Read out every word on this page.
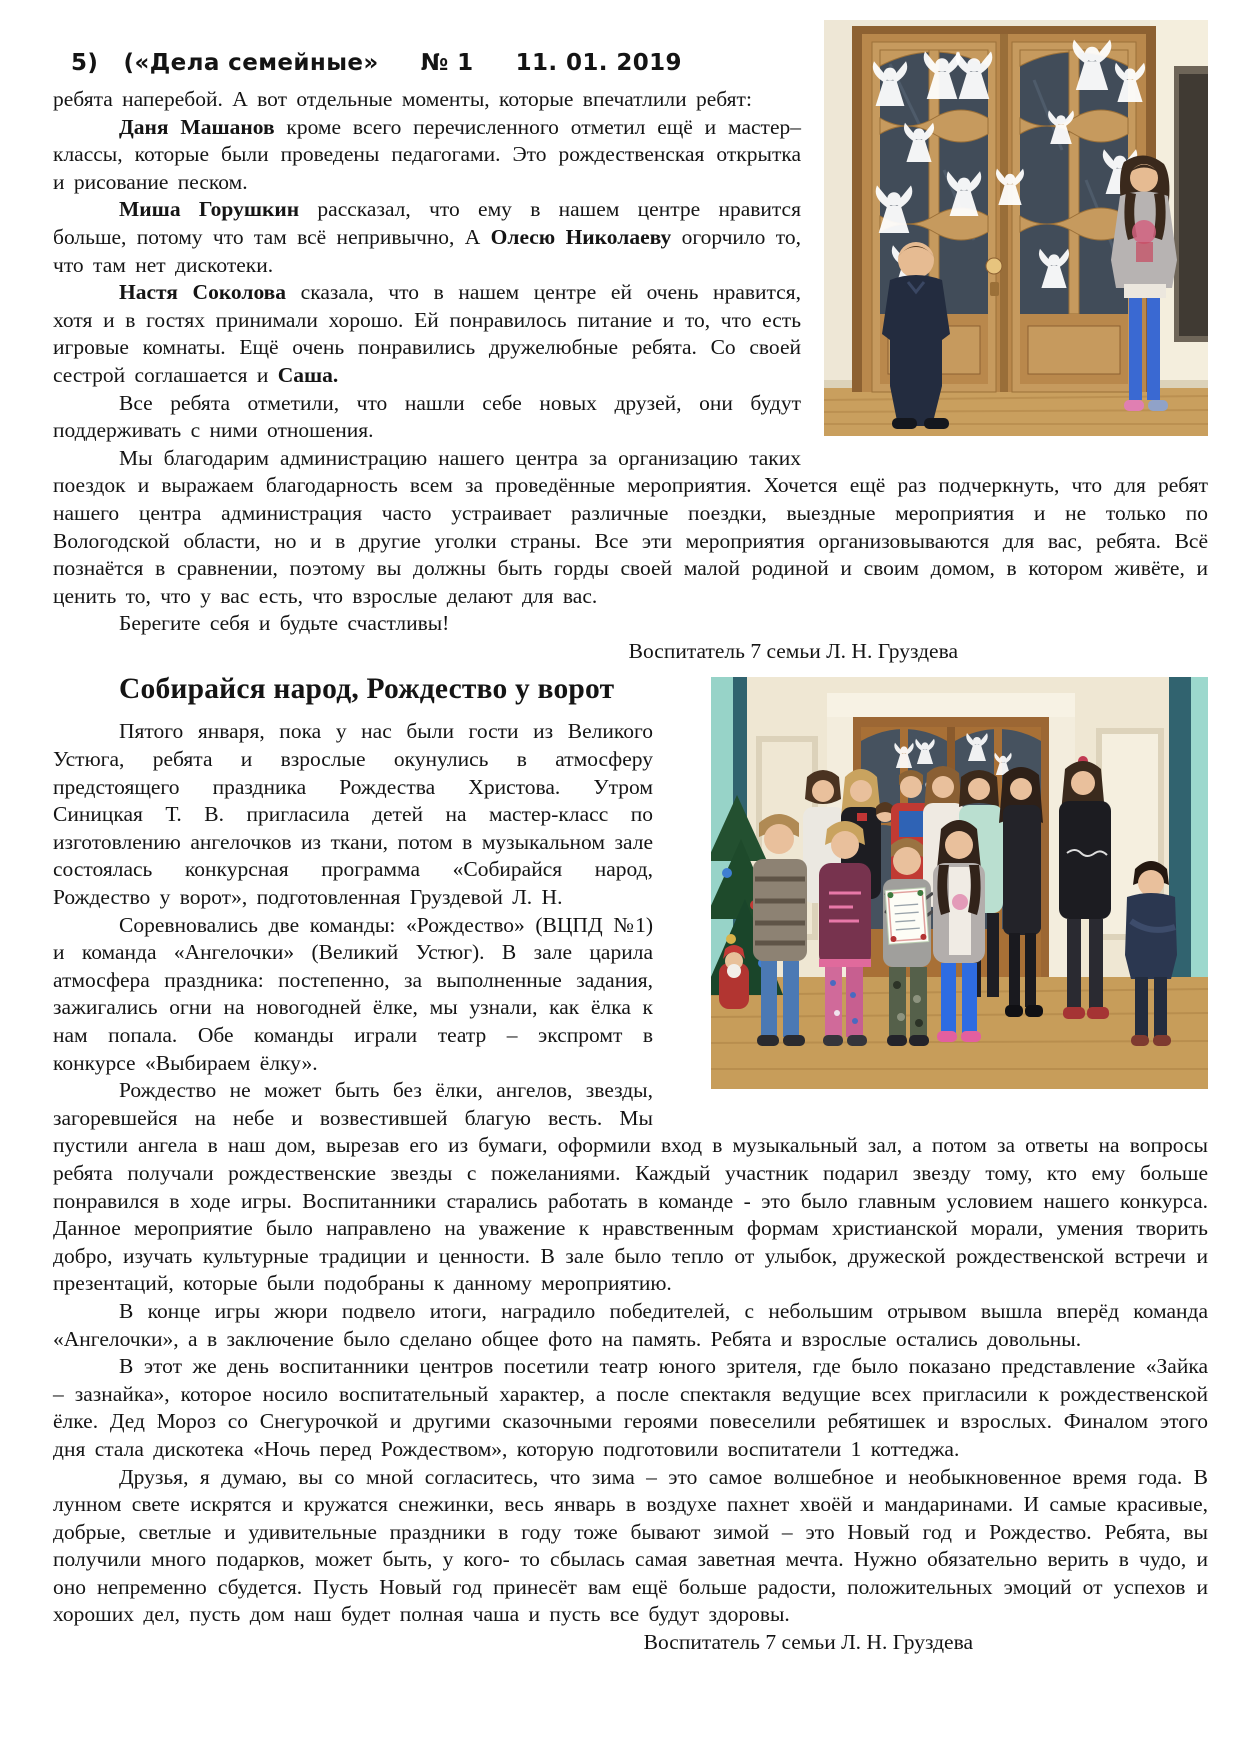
5)   («Дела семейные»     № 1     11. 01. 2019

ребята наперебой. А вот отдельные моменты, которые впечатлили ребят:

Даня Машанов кроме всего перечисленного отметил ещё и мастер–классы, которые были проведены педагогами. Это рождественская открытка и рисование песком.

Миша Горушкин рассказал, что ему в нашем центре нравится больше, потому что там всё непривычно, А Олесю Николаеву огорчило то, что там нет дискотеки.

Настя Соколова сказала, что в нашем центре ей очень нравится, хотя и в гостях принимали хорошо. Ей понравилось питание и то, что есть игровые комнаты. Ещё очень понравились дружелюбные ребята. Со своей сестрой соглашается и Саша.

Все ребята отметили, что нашли себе новых друзей, они будут поддерживать с ними отношения.

Мы благодарим администрацию нашего центра за организацию таких поездок и выражаем благодарность всем за проведённые мероприятия. Хочется ещё раз подчеркнуть, что для ребят нашего центра администрация часто устраивает различные поездки, выездные мероприятия и не только по Вологодской области, но и в другие уголки страны. Все эти мероприятия организовываются для вас, ребята. Всё познаётся в сравнении, поэтому вы должны быть горды своей малой родиной и своим домом, в котором живёте, и ценить то, что у вас есть, что взрослые делают для вас.

Берегите себя и будьте счастливы!

Воспитатель 7 семьи Л. Н. Груздева
Собирайся народ, Рождество у ворот

Пятого января, пока у нас были гости из Великого Устюга, ребята и взрослые окунулись в атмосферу предстоящего праздника Рождества Христова. Утром Синицкая Т. В. пригласила детей на мастер-класс по изготовлению ангелочков из ткани, потом в музыкальном зале состоялась конкурсная программа «Собирайся народ, Рождество у ворот», подготовленная Груздевой Л. Н.

Соревновались две команды: «Рождество» (ВЦПД №1) и команда «Ангелочки» (Великий Устюг). В зале царила атмосфера праздника: постепенно, за выполненные задания, зажигались огни на новогодней ёлке, мы узнали, как ёлка к нам попала. Обе команды играли театр – экспромт в конкурсе «Выбираем ёлку».

Рождество не может быть без ёлки, ангелов, звезды, загоревшейся на небе и возвестившей благую весть. Мы пустили ангела в наш дом, вырезав его из бумаги, оформили вход в музыкальный зал, а потом за ответы на вопросы ребята получали рождественские звезды с пожеланиями. Каждый участник подарил звезду тому, кто ему больше понравился в ходе игры. Воспитанники старались работать в команде - это было главным условием нашего конкурса. Данное мероприятие было направлено на уважение к нравственным формам христианской морали, умения творить добро, изучать культурные традиции и ценности. В зале было тепло от улыбок, дружеской рождественской встречи и презентаций, которые были подобраны к данному мероприятию.

В конце игры жюри подвело итоги, наградило победителей, с небольшим отрывом вышла вперёд команда «Ангелочки», а в заключение было сделано общее фото на память. Ребята и взрослые остались довольны.

В этот же день воспитанники центров посетили театр юного зрителя, где было показано представление «Зайка – зазнайка», которое носило воспитательный характер, а после спектакля ведущие всех пригласили к рождественской ёлке. Дед Мороз со Снегурочкой и другими сказочными героями повеселили ребятишек и взрослых. Финалом этого дня стала дискотека «Ночь перед Рождеством», которую подготовили воспитатели 1 коттеджа.

Друзья, я думаю, вы со мной согласитесь, что зима – это самое волшебное и необыкновенное время года. В лунном свете искрятся и кружатся снежинки, весь январь в воздухе пахнет хвоёй и мандаринами. И самые красивые, добрые, светлые и удивительные праздники в году тоже бывают зимой – это Новый год и Рождество. Ребята, вы получили много подарков, может быть, у кого- то сбылась самая заветная мечта. Нужно обязательно верить в чудо, и оно непременно сбудется. Пусть Новый год принесёт вам ещё больше радости, положительных эмоций от успехов и хороших дел, пусть дом наш будет полная чаша и пусть все будут здоровы.

Воспитатель 7 семьи Л. Н. Груздева
